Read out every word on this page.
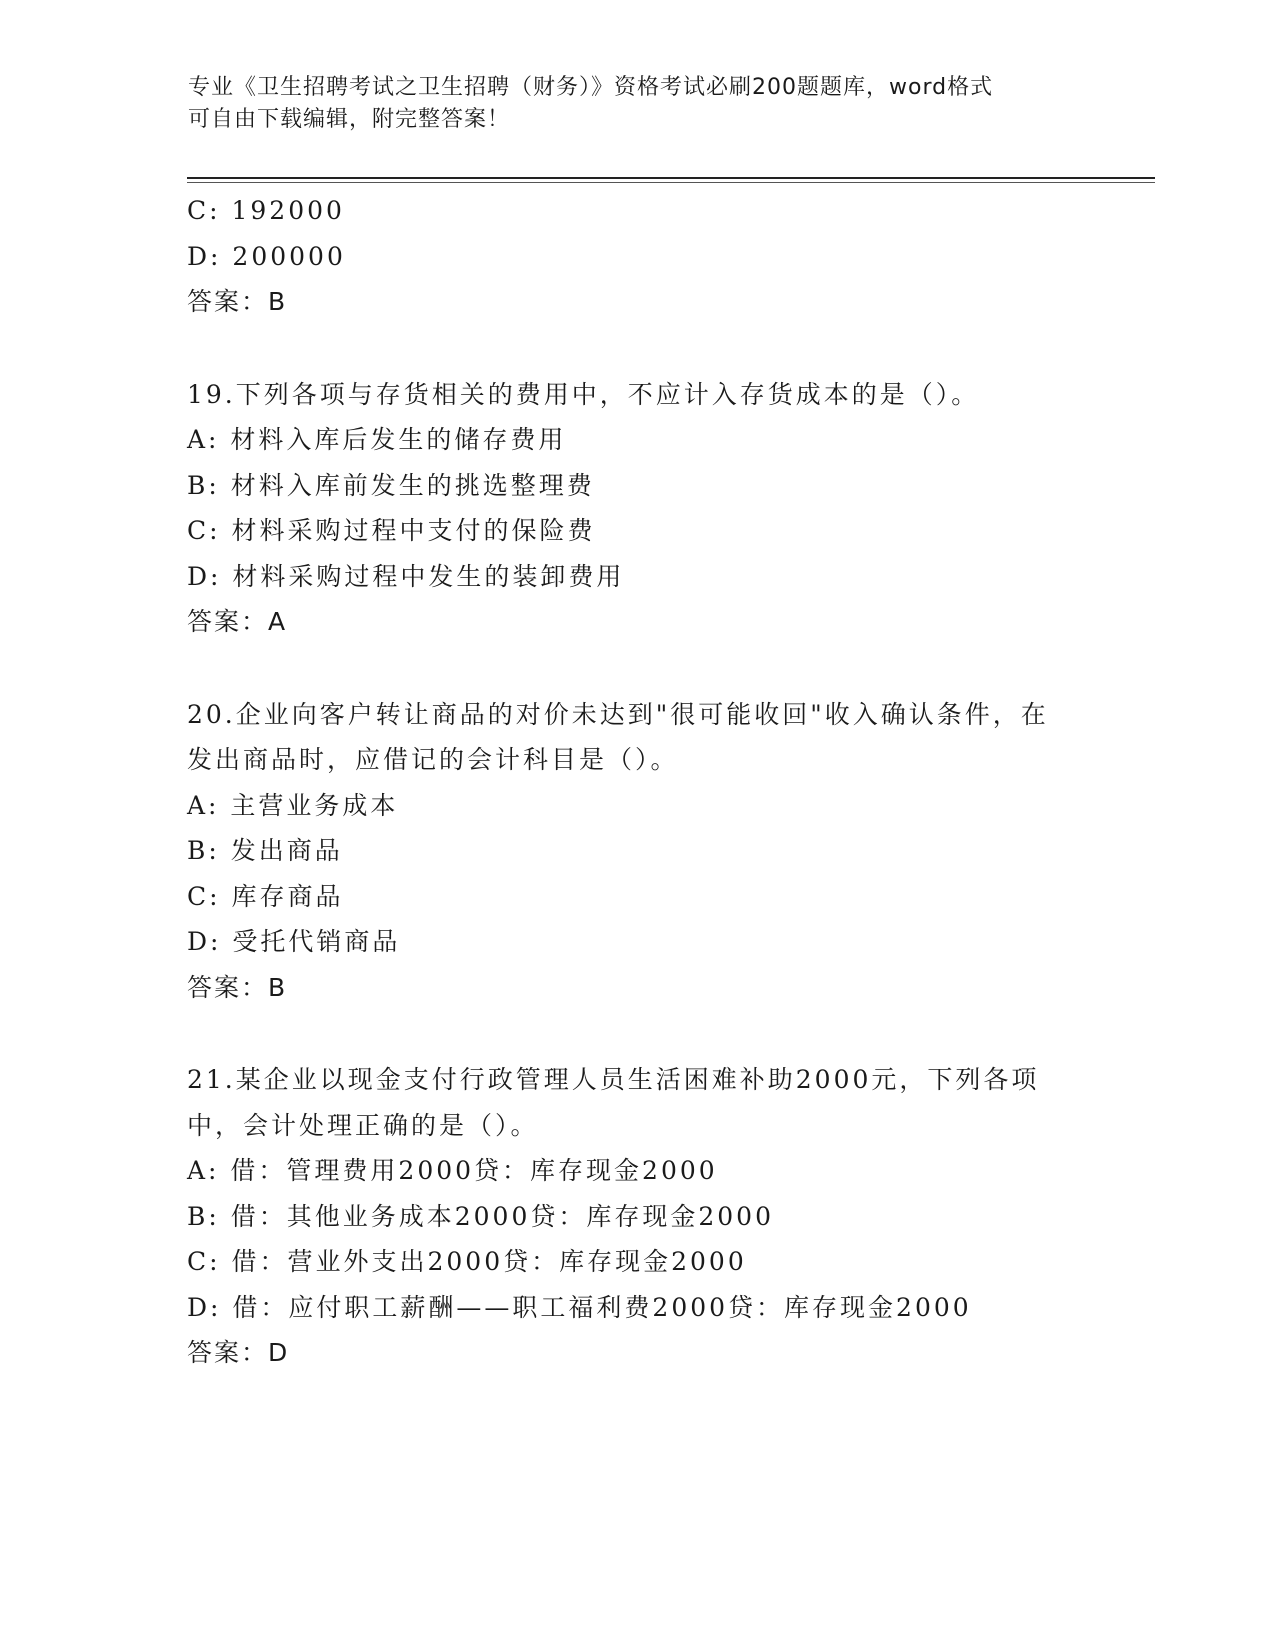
专业《卫生招聘考试之卫生招聘（财务）》资格考试必刷200题题库，word格式
可自由下载编辑，附完整答案！
C: 192000
D: 200000
答案：B
19.下列各项与存货相关的费用中，不应计入存货成本的是（）。
A: 材料入库后发生的储存费用
B: 材料入库前发生的挑选整理费
C: 材料采购过程中支付的保险费
D: 材料采购过程中发生的装卸费用
答案：A
20.企业向客户转让商品的对价未达到"很可能收回"收入确认条件，在
发出商品时，应借记的会计科目是（）。
A: 主营业务成本
B: 发出商品
C: 库存商品
D: 受托代销商品
答案：B
21.某企业以现金支付行政管理人员生活困难补助2000元，下列各项
中，会计处理正确的是（）。
A: 借：管理费用2000贷：库存现金2000
B: 借：其他业务成本2000贷：库存现金2000
C: 借：营业外支出2000贷：库存现金2000
D: 借：应付职工薪酬——职工福利费2000贷：库存现金2000
答案：D
